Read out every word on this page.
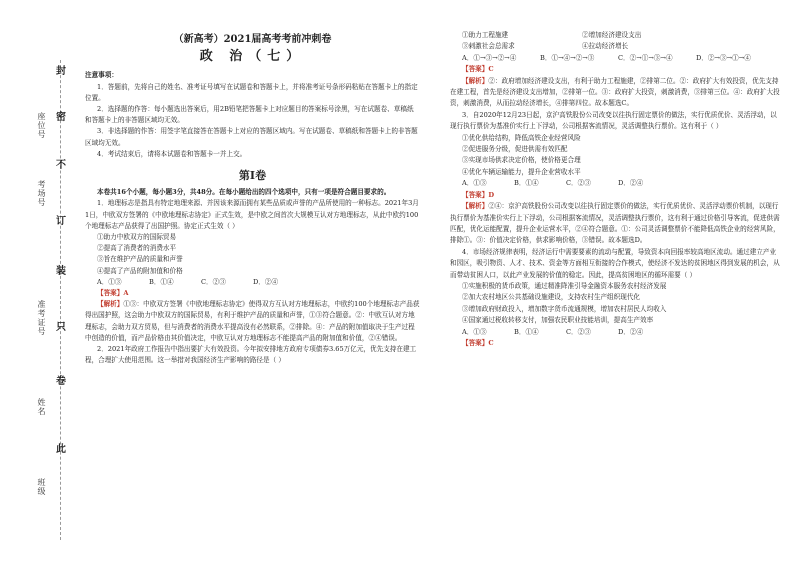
此
卷
只
装
订
不
密
封
班级
姓名
准考证号
考场号
座位号
（新高考）2021届高考考前冲刺卷
政 治（七）

注意事项：

1．答题前，先将自己的姓名、准考证号填写在试题卷和答题卡上，并将准考证号条形码粘贴在答题卡上的指定位置。

2．选择题的作答：每小题选出答案后，用2B铅笔把答题卡上对应题目的答案标号涂黑，写在试题卷、草稿纸和答题卡上的非答题区域均无效。

3．非选择题的作答：用签字笔直接答在答题卡上对应的答题区域内。写在试题卷、草稿纸和答题卡上的非答题区域均无效。

4．考试结束后，请将本试题卷和答题卡一并上交。

第Ⅰ卷

本卷共16个小题，每小题3分，共48分。在每小题给出的四个选项中，只有一项是符合题目要求的。

1．地理标志是指具有特定地理来源、并因该来源而拥有某些品质或声誉的产品所使用的一种标志。2021年3月1日，中欧双方签署的《中欧地理标志协定》正式生效，是中欧之间首次大规模互认对方地理标志，从此中欧约100个地理标志产品获得了出国护照。协定正式生效（ ）

①助力中欧双方的国际贸易

②提高了消费者的消费水平

③旨在维护产品的质量和声誉

④提高了产品的附加值和价格

A．①③	B．①④	C．②③	D．②④

【答案】A

【解析】①③：中欧双方签署《中欧地理标志协定》使得双方互认对方地理标志，中欧约100个地理标志产品获得出国护照，这会助力中欧双方的国际贸易，有利于维护产品的质量和声誉，①③符合题意。②：中欧互认对方地理标志，会助力双方贸易，但与消费者的消费水平提高没有必然联系，②排除。④：产品的附加值取决于生产过程中创造的价值，而产品价格由其价值决定，中欧互认对方地理标志不能提高产品的附加值和价值，②④错误。

2．2021年政府工作报告中指出要扩大有效投资。今年拟安排地方政府专项债券3.65万亿元，优先支持在建工程，合理扩大使用范围。这一举措对我国经济生产影响的路径是（ ）

①助力工程施建	②增加经济建设支出

③刺激社会总需求	④拉动经济增长

A．①→③→②→④	B．①→④→②→③	C．②→①→③→④	D．②→③→①→④

【答案】C

【解析】②：政府增加经济建设支出，有利于助力工程施建，②排第二位。②：政府扩大有效投资，优先支持在建工程，首先是经济建设支出增加，②排第一位。③：政府扩大投资，刺激消费，③排第三位。④：政府扩大投资，刺激消费，从而拉动经济增长，④排第四位。故本题选C。

3．自2020年12月23日起，京沪高铁股份公司改变以往执行固定票价的做法，实行优质优价、灵活浮动，以现行执行票价为基准价实行上下浮动，公司根据客流情况，灵活调整执行票价。这有利于（ ）

①优化供给结构，降低高铁企业经营风险

②促进服务分级，促进供需有效匹配

③实现市场供求决定价格，使价格更合理

④优化车辆运输能力，提升企业营收水平

A．①③	B．①④	C．②③	D．②④

【答案】D

【解析】②④：京沪高铁股份公司改变以往执行固定票价的做法，实行优质优价、灵活浮动票价机制，以现行执行票价为基准价实行上下浮动，公司根据客流情况，灵活调整执行票价，这有利于通过价格引导客流，促进供需匹配，优化运能配置，提升企业运营水平，②④符合题意。①：公司灵活调整票价不能降低高铁企业的经营风险，排除①。③：价值决定价格，供求影响价格，③错误。故本题选D。

4．市场经济规律表明，经济运行中需要要素的流动与配置，导致资本向回报率较高地区流动。通过建立产业和园区，吸引物资、人才、技术、资金等方面相互衔接的合作模式，使经济不发达的贫困地区得到发展的机会，从而带动贫困人口，以此产业发展的价值的稳定。因此，提高贫困地区的循环需要（ ）

①实施积极的货币政策，通过精准降准引导金融资本服务农村经济发展

②加大农村地区公共基础设施建设，支持农村生产组织现代化

③增加政府财政投入，增加数字货币流通规模，增加农村居民人均收入

④国家通过税收转移支付，加强农民职业技能培训，提高生产效率

A．①③	B．①④	C．②③	D．②④

【答案】C
